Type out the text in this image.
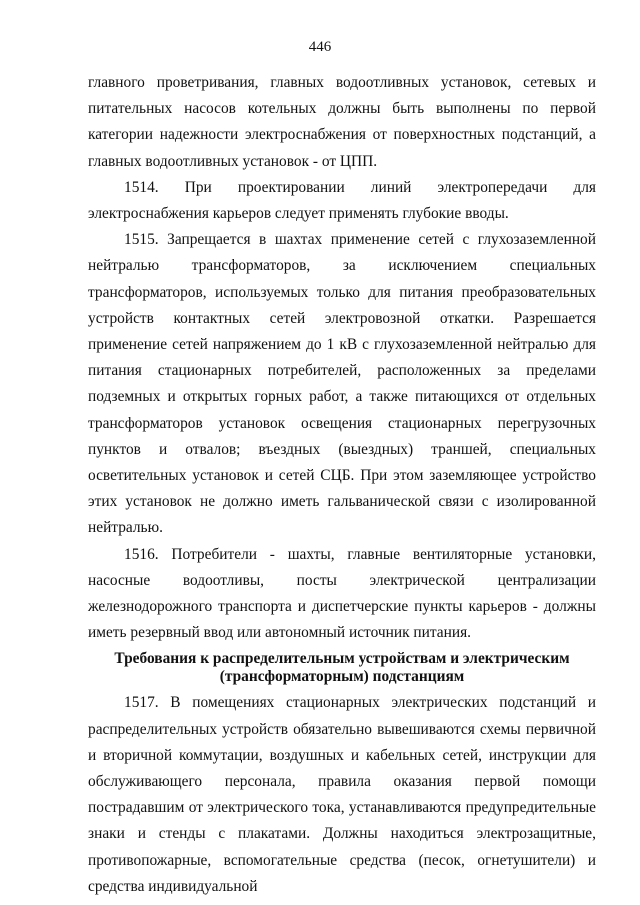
446

главного проветривания, главных водоотливных установок, сетевых и питательных насосов котельных должны быть выполнены по первой категории надежности электроснабжения от поверхностных подстанций, а главных водоотливных установок - от ЦПП.

1514. При проектировании линий электропередачи для электроснабжения карьеров следует применять глубокие вводы.

1515. Запрещается в шахтах применение сетей с глухозаземленной нейтралью трансформаторов, за исключением специальных трансформаторов, используемых только для питания преобразовательных устройств контактных сетей электровозной откатки. Разрешается применение сетей напряжением до 1 кВ с глухозаземленной нейтралью для питания стационарных потребителей, расположенных за пределами подземных и открытых горных работ, а также питающихся от отдельных трансформаторов установок освещения стационарных перегрузочных пунктов и отвалов; въездных (выездных) траншей, специальных осветительных установок и сетей СЦБ. При этом заземляющее устройство этих установок не должно иметь гальванической связи с изолированной нейтралью.

1516. Потребители - шахты, главные вентиляторные установки, насосные водоотливы, посты электрической централизации железнодорожного транспорта и диспетчерские пункты карьеров - должны иметь резервный ввод или автономный источник питания.

Требования к распределительным устройствам и электрическим
(трансформаторным) подстанциям

1517. В помещениях стационарных электрических подстанций и распределительных устройств обязательно вывешиваются схемы первичной и вторичной коммутации, воздушных и кабельных сетей, инструкции для обслуживающего персонала, правила оказания первой помощи пострадавшим от электрического тока, устанавливаются предупредительные знаки и стенды с плакатами. Должны находиться электрозащитные, противопожарные, вспомогательные средства (песок, огнетушители) и средства индивидуальной
